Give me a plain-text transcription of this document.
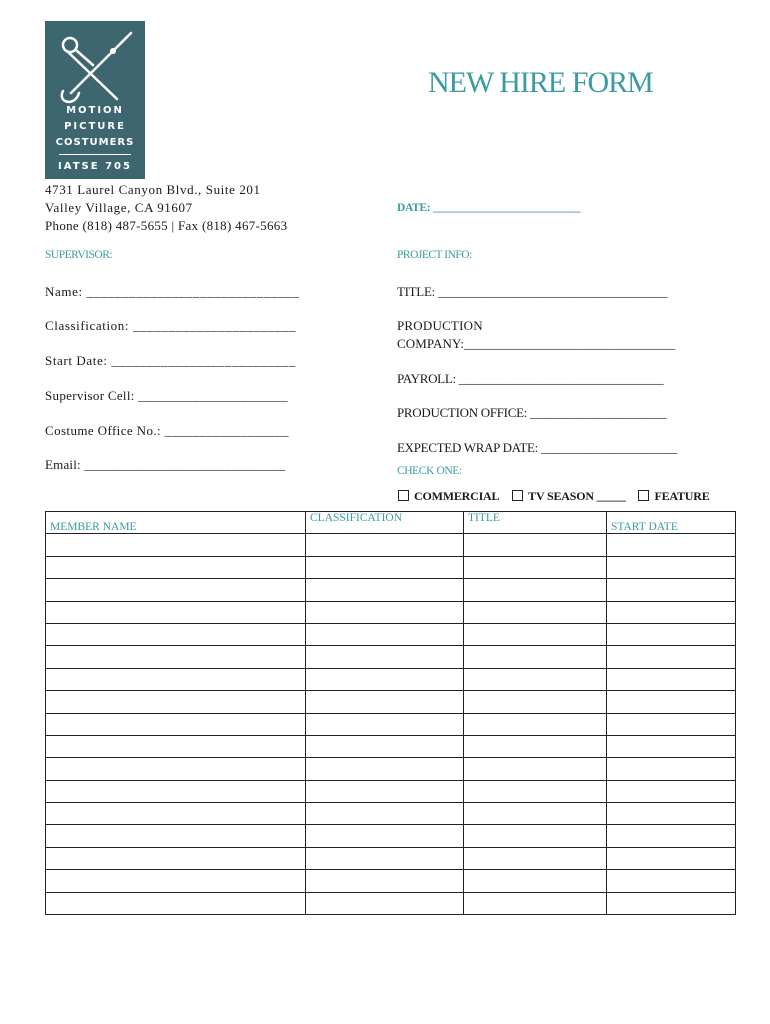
MOTION
PICTURE
COSTUMERS
IATSE 705
NEW HIRE FORM
4731 Laurel Canyon Blvd., Suite 201
Valley Village, CA 91607
Phone (818) 487-5655 | Fax (818) 467-5663
DATE: ___________________________
SUPERVISOR:	PROJECT INFO:
Name: ______________________________
Classification: _______________________
Start Date: __________________________
Supervisor Cell: ______________________
Costume Office No.: __________________
Email: ______________________________
TITLE: _____________________________________
PRODUCTION
COMPANY:________________________________
PAYROLL: _________________________________
PRODUCTION OFFICE: ______________________
EXPECTED WRAP DATE: ______________________
CHECK ONE:
COMMERCIAL TV SEASON _____ FEATURE
MEMBER NAME	CLASSIFICATION	TITLE	START DATE
